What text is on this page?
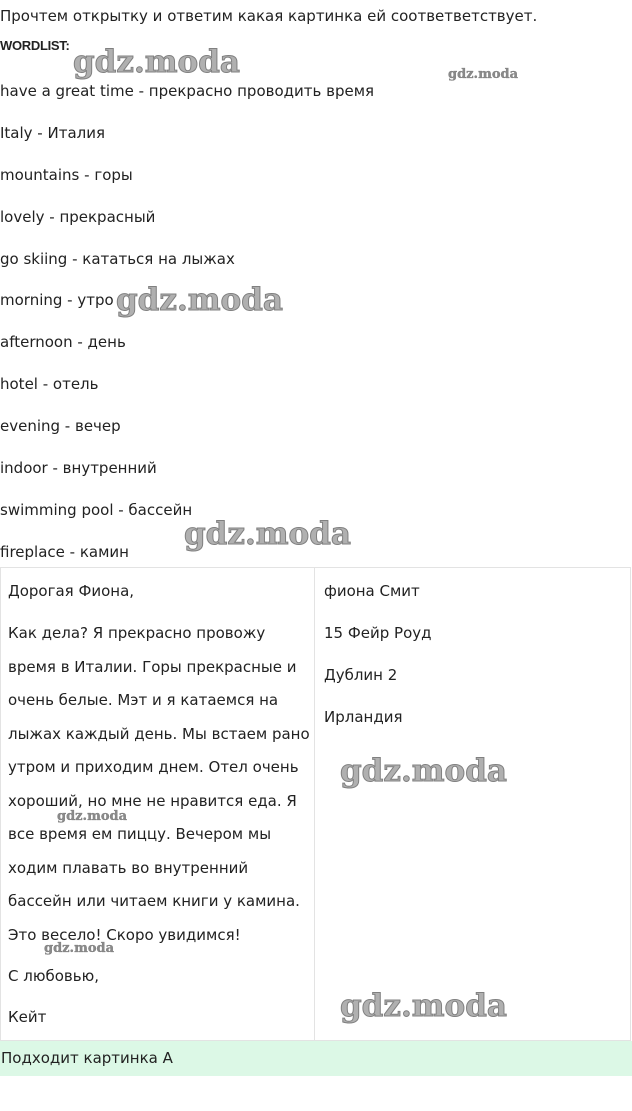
Прочтем открытку и ответим какая картинка ей соответветствует.
WORDLIST:
have a great time - прекрасно проводить время
Italy - Италия
mountains - горы
lovely - прекрасный
go skiing - кататься на лыжах
morning - утро
afternoon - день
hotel - отель
evening - вечер
indoor - внутренний
swimming pool - бассейн
fireplace - камин

Дорогая Фиона,

Как дела? Я прекрасно провожу

время в Италии. Горы прекрасные и

очень белые. Мэт и я катаемся на

лыжах каждый день. Мы встаем рано

утром и приходим днем. Отел очень

хороший, но мне не нравится еда. Я

все время ем пиццу. Вечером мы

ходим плавать во внутренний

бассейн или читаем книги у камина.

Это весело! Скоро увидимся!

С любовью,

Кейт

фиона Смит

15 Фейр Роуд

Дублин 2

Ирландия

Подходит картинка А
gdz.moda	gdz.moda
gdz.moda
gdz.moda
gdz.moda
gdz.moda
gdz.moda
gdz.moda
